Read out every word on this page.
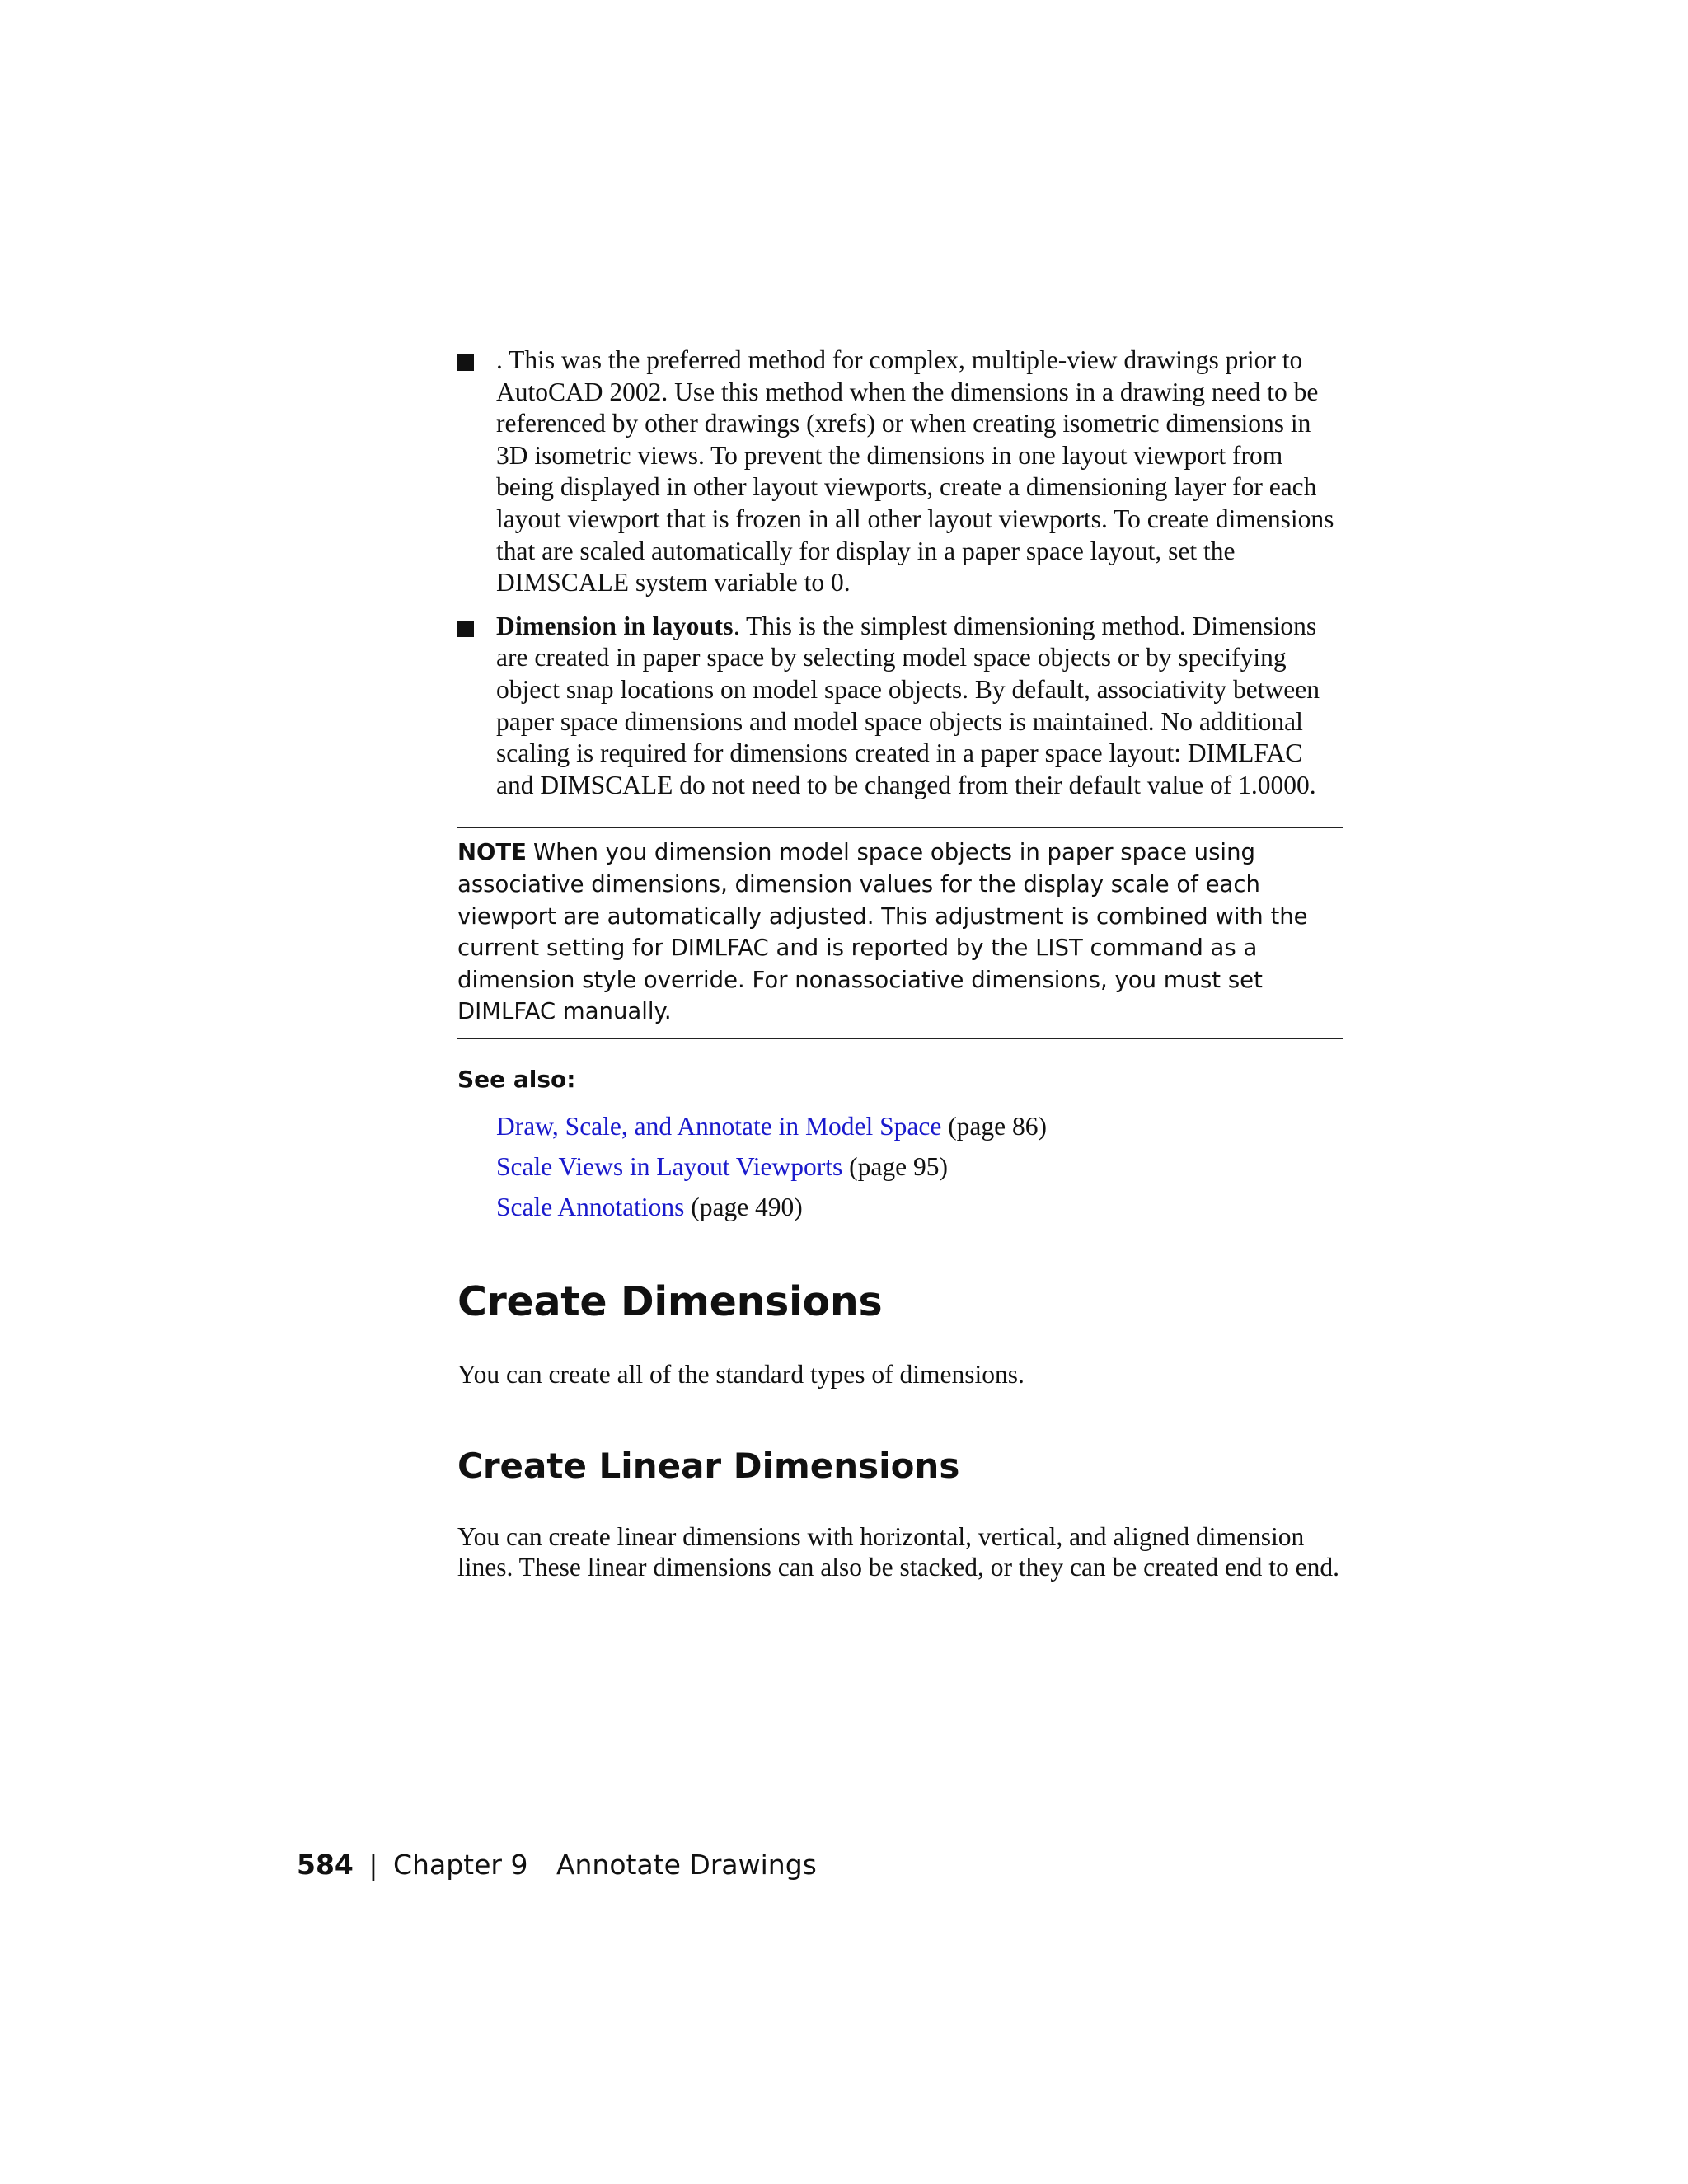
. This was the preferred method for complex, multiple-view drawings prior to AutoCAD 2002. Use this method when the dimensions in a drawing need to be referenced by other drawings (xrefs) or when creating isometric dimensions in 3D isometric views. To prevent the dimensions in one layout viewport from being displayed in other layout viewports, create a dimensioning layer for each layout viewport that is frozen in all other layout viewports. To create dimensions that are scaled automatically for display in a paper space layout, set the DIMSCALE system variable to 0.
Dimension in layouts. This is the simplest dimensioning method. Dimensions are created in paper space by selecting model space objects or by specifying object snap locations on model space objects. By default, associativity between paper space dimensions and model space objects is maintained. No additional scaling is required for dimensions created in a paper space layout: DIMLFAC and DIMSCALE do not need to be changed from their default value of 1.0000.
NOTE When you dimension model space objects in paper space using associative dimensions, dimension values for the display scale of each viewport are automatically adjusted. This adjustment is combined with the current setting for DIMLFAC and is reported by the LIST command as a dimension style override. For nonassociative dimensions, you must set DIMLFAC manually.
See also:
Draw, Scale, and Annotate in Model Space (page 86)
Scale Views in Layout Viewports (page 95)
Scale Annotations (page 490)
Create Dimensions
You can create all of the standard types of dimensions.
Create Linear Dimensions
You can create linear dimensions with horizontal, vertical, and aligned dimension lines. These linear dimensions can also be stacked, or they can be created end to end.
584 | Chapter 9 Annotate Drawings
